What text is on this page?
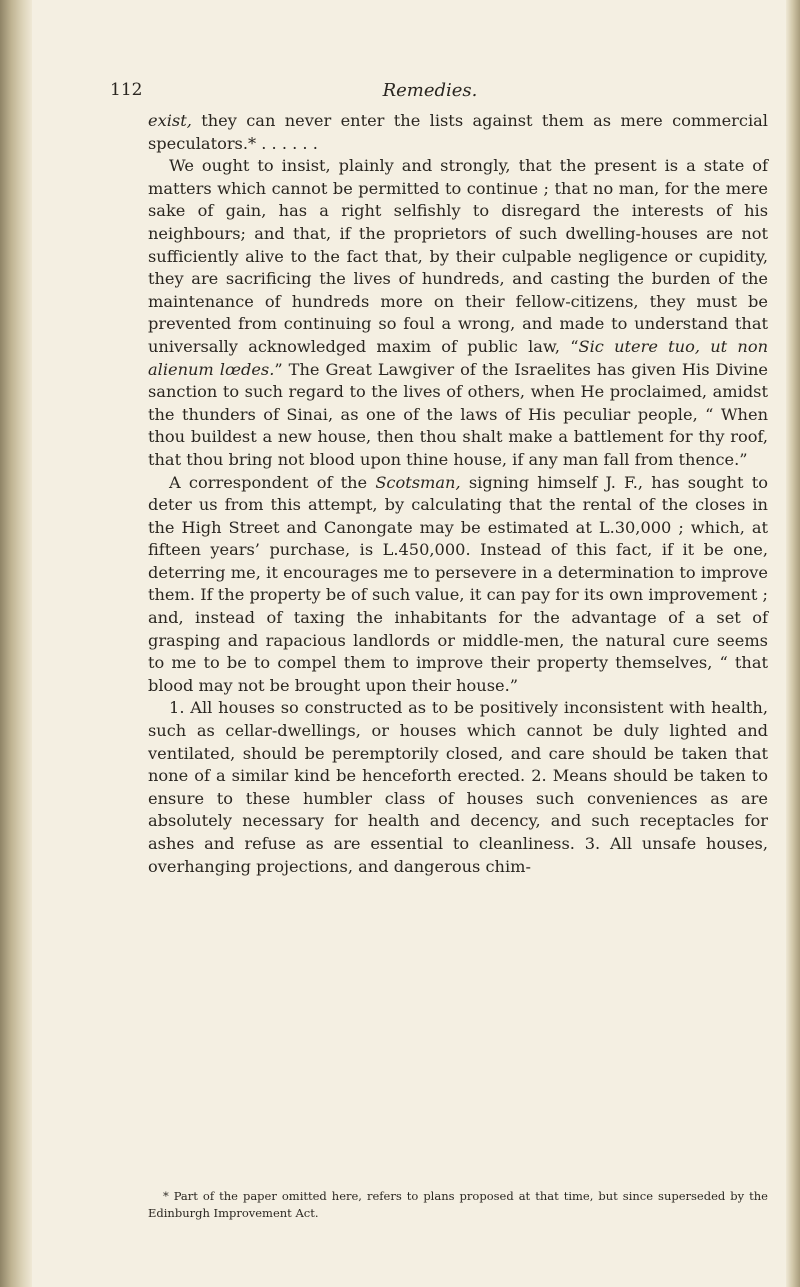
112	Remedies.

exist, they can never enter the lists against them as mere commercial speculators.* . . . . . .

We ought to insist, plainly and strongly, that the present is a state of matters which cannot be permitted to continue ; that no man, for the mere sake of gain, has a right selfishly to disregard the interests of his neighbours; and that, if the proprietors of such dwelling-houses are not sufficiently alive to the fact that, by their culpable negligence or cupidity, they are sacrificing the lives of hundreds, and casting the burden of the maintenance of hundreds more on their fellow-citizens, they must be prevented from continuing so foul a wrong, and made to understand that universally acknowledged maxim of public law, “Sic utere tuo, ut non alienum lœdes.” The Great Lawgiver of the Israelites has given His Divine sanction to such regard to the lives of others, when He proclaimed, amidst the thunders of Sinai, as one of the laws of His peculiar people, “ When thou buildest a new house, then thou shalt make a battlement for thy roof, that thou bring not blood upon thine house, if any man fall from thence.”

A correspondent of the Scotsman, signing himself J. F., has sought to deter us from this attempt, by calculating that the rental of the closes in the High Street and Canongate may be estimated at L.30,000 ; which, at fifteen years’ purchase, is L.450,000. Instead of this fact, if it be one, deterring me, it encourages me to persevere in a determination to improve them. If the property be of such value, it can pay for its own improvement ; and, instead of taxing the inhabitants for the advantage of a set of grasping and rapacious landlords or middle-men, the natural cure seems to me to be to compel them to improve their property themselves, “ that blood may not be brought upon their house.”

1. All houses so constructed as to be positively inconsistent with health, such as cellar-dwellings, or houses which cannot be duly lighted and ventilated, should be peremptorily closed, and care should be taken that none of a similar kind be henceforth erected. 2. Means should be taken to ensure to these humbler class of houses such conveniences as are absolutely necessary for health and decency, and such receptacles for ashes and refuse as are essential to cleanliness. 3. All unsafe houses, overhanging projections, and dangerous chim-

* Part of the paper omitted here, refers to plans proposed at that time, but since superseded by the Edinburgh Improvement Act.
